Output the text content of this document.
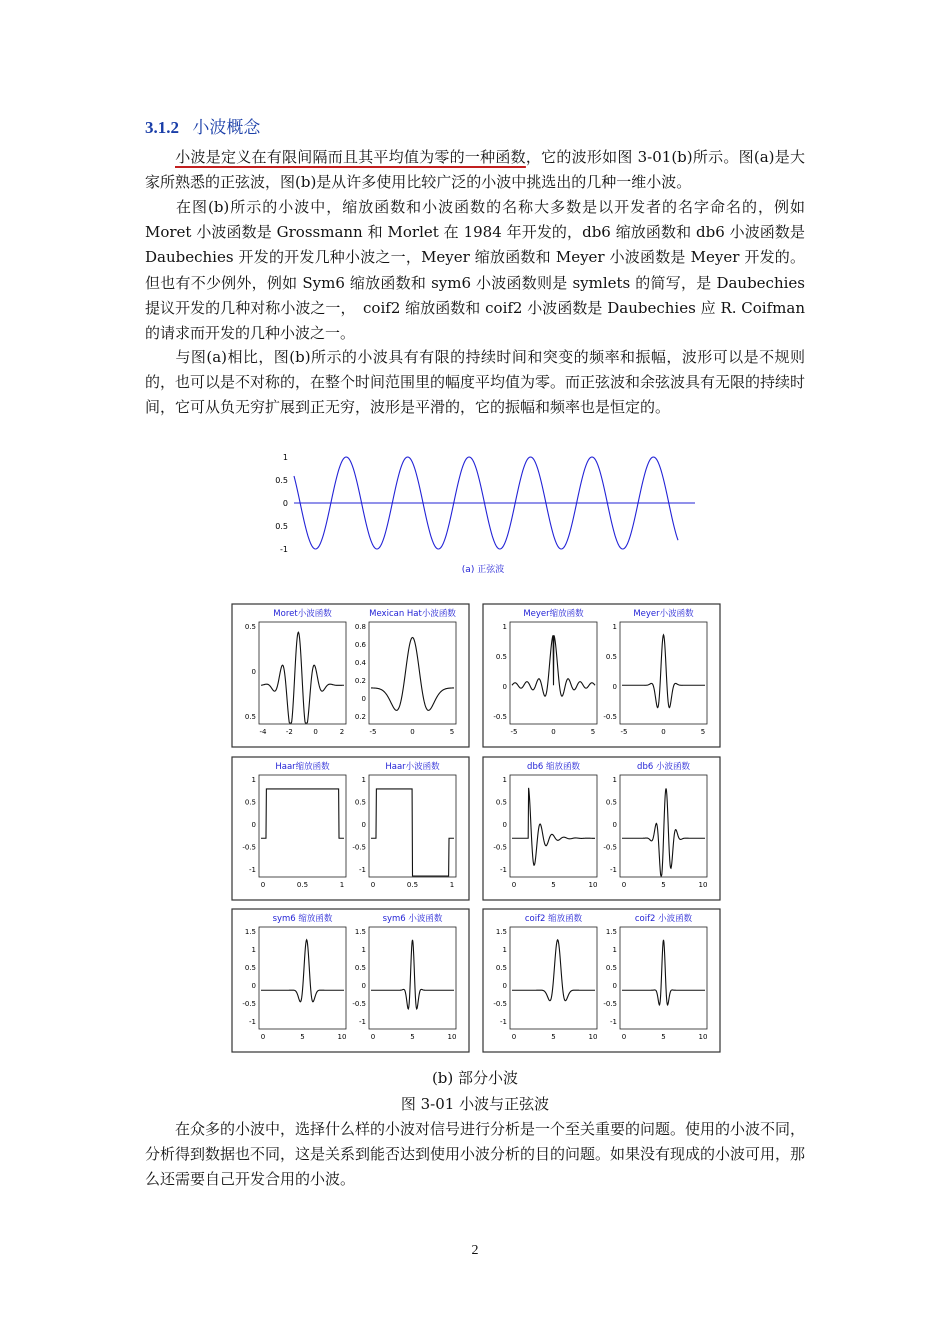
3.1.2 小波概念

小波是定义在有限间隔而且其平均值为零的一种函数，它的波形如图 3-01(b)所示。图(a)是大家所熟悉的正弦波，图(b)是从许多使用比较广泛的小波中挑选出的几种一维小波。

在图(b)所示的小波中，缩放函数和小波函数的名称大多数是以开发者的名字命名的，例如 Moret 小波函数是 Grossmann 和 Morlet 在 1984 年开发的，db6 缩放函数和 db6 小波函数是 Daubechies 开发的开发几种小波之一，Meyer 缩放函数和 Meyer 小波函数是 Meyer 开发的。但也有不少例外，例如 Sym6 缩放函数和 sym6 小波函数则是 symlets 的简写，是 Daubechies 提议开发的几种对称小波之一，　coif2 缩放函数和 coif2 小波函数是 Daubechies 应 R. Coifman 的请求而开发的几种小波之一。

与图(a)相比，图(b)所示的小波具有有限的持续时间和突变的频率和振幅，波形可以是不规则的，也可以是不对称的，在整个时间范围里的幅度平均值为零。而正弦波和余弦波具有无限的持续时间，它可从负无穷扩展到正无穷，波形是平滑的，它的振幅和频率也是恒定的。

1
0.5
0
0.5
-1
(a) 正弦波
Moret小波函数
0.5
0
0.5
-4	-2	0	2
Mexican Hat小波函数
0.8
0.6
0.4
0.2
0
0.2
-5	0	5
Meyer缩放函数
1
0.5
0
-0.5
-5	0	5
Meyer小波函数
1
0.5
0
-0.5
-5	0	5
Haar缩放函数
1
0.5
0
-0.5
-1
0	0.5	1
Haar小波函数
1
0.5
0
-0.5
-1
0	0.5	1
db6 缩放函数
1
0.5
0
-0.5
-1
0	5	10
db6 小波函数
1
0.5
0
-0.5
-1
0	5	10
sym6 缩放函数
1.5
1
0.5
0
-0.5
-1
0	5	10
sym6 小波函数
1.5
1
0.5
0
-0.5
-1
0	5	10
coif2 缩放函数
1.5
1
0.5
0
-0.5
-1
0	5	10
coif2 小波函数
1.5
1
0.5
0
-0.5
-1
0	5	10
(b) 部分小波
图 3-01 小波与正弦波

在众多的小波中，选择什么样的小波对信号进行分析是一个至关重要的问题。使用的小波不同，分析得到数据也不同，这是关系到能否达到使用小波分析的目的问题。如果没有现成的小波可用，那么还需要自己开发合用的小波。

2
